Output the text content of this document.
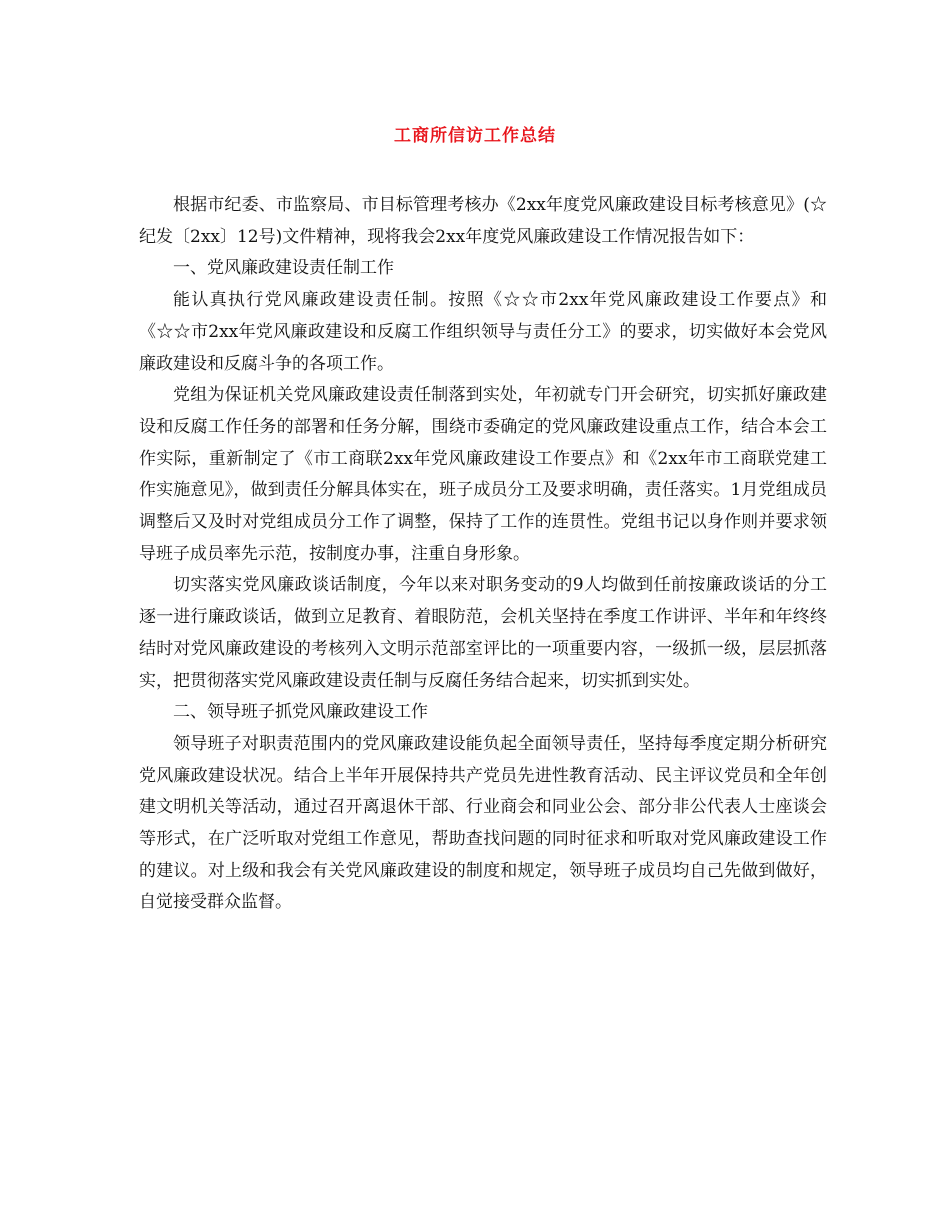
工商所信访工作总结

根据市纪委、市监察局、市目标管理考核办《2xx年度党风廉政建设目标考核意见》(☆纪发〔2xx〕12号)文件精神，现将我会2xx年度党风廉政建设工作情况报告如下：

一、党风廉政建设责任制工作

能认真执行党风廉政建设责任制。按照《☆☆市2xx年党风廉政建设工作要点》和《☆☆市2xx年党风廉政建设和反腐工作组织领导与责任分工》的要求，切实做好本会党风廉政建设和反腐斗争的各项工作。

党组为保证机关党风廉政建设责任制落到实处，年初就专门开会研究，切实抓好廉政建设和反腐工作任务的部署和任务分解，围绕市委确定的党风廉政建设重点工作，结合本会工作实际，重新制定了《市工商联2xx年党风廉政建设工作要点》和《2xx年市工商联党建工作实施意见》，做到责任分解具体实在，班子成员分工及要求明确，责任落实。1月党组成员调整后又及时对党组成员分工作了调整，保持了工作的连贯性。党组书记以身作则并要求领导班子成员率先示范，按制度办事，注重自身形象。

切实落实党风廉政谈话制度，今年以来对职务变动的9人均做到任前按廉政谈话的分工逐一进行廉政谈话，做到立足教育、着眼防范，会机关坚持在季度工作讲评、半年和年终终结时对党风廉政建设的考核列入文明示范部室评比的一项重要内容，一级抓一级，层层抓落实，把贯彻落实党风廉政建设责任制与反腐任务结合起来，切实抓到实处。

二、领导班子抓党风廉政建设工作

领导班子对职责范围内的党风廉政建设能负起全面领导责任，坚持每季度定期分析研究党风廉政建设状况。结合上半年开展保持共产党员先进性教育活动、民主评议党员和全年创建文明机关等活动，通过召开离退休干部、行业商会和同业公会、部分非公代表人士座谈会等形式，在广泛听取对党组工作意见，帮助查找问题的同时征求和听取对党风廉政建设工作的建议。对上级和我会有关党风廉政建设的制度和规定，领导班子成员均自己先做到做好，自觉接受群众监督。
